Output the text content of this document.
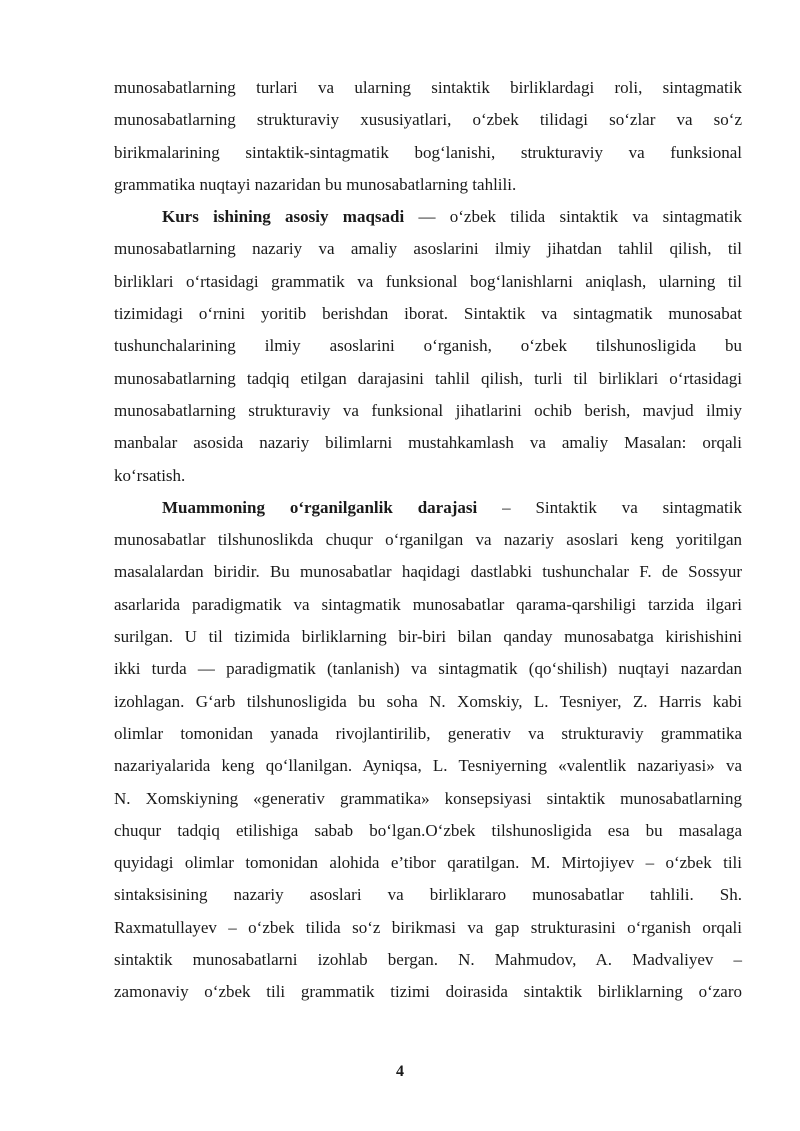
munosabatlarning turlari va ularning sintaktik birliklardagi roli, sintagmatik
munosabatlarning strukturaviy xususiyatlari, o‘zbek tilidagi so‘zlar va so‘z
birikmalarining sintaktik-sintagmatik bog‘lanishi, strukturaviy va funksional
grammatika nuqtayi nazaridan bu munosabatlarning tahlili.
Kurs ishining asosiy maqsadi — o‘zbek tilida sintaktik va sintagmatik
munosabatlarning nazariy va amaliy asoslarini ilmiy jihatdan tahlil qilish, til
birliklari o‘rtasidagi grammatik va funksional bog‘lanishlarni aniqlash, ularning til
tizimidagi o‘rnini yoritib berishdan iborat. Sintaktik va sintagmatik munosabat
tushunchalarining ilmiy asoslarini o‘rganish, o‘zbek tilshunosligida bu
munosabatlarning tadqiq etilgan darajasini tahlil qilish, turli til birliklari o‘rtasidagi
munosabatlarning strukturaviy va funksional jihatlarini ochib berish, mavjud ilmiy
manbalar asosida nazariy bilimlarni mustahkamlash va amaliy Masalan: orqali
ko‘rsatish.
Muammoning o‘rganilganlik darajasi – Sintaktik va sintagmatik
munosabatlar tilshunoslikda chuqur o‘rganilgan va nazariy asoslari keng yoritilgan
masalalardan biridir. Bu munosabatlar haqidagi dastlabki tushunchalar F. de Sossyur
asarlarida paradigmatik va sintagmatik munosabatlar qarama-qarshiligi tarzida ilgari
surilgan. U til tizimida birliklarning bir-biri bilan qanday munosabatga kirishishini
ikki turda — paradigmatik (tanlanish) va sintagmatik (qo‘shilish) nuqtayi nazardan
izohlagan. G‘arb tilshunosligida bu soha N. Xomskiy, L. Tesniyer, Z. Harris kabi
olimlar tomonidan yanada rivojlantirilib, generativ va strukturaviy grammatika
nazariyalarida keng qo‘llanilgan. Ayniqsa, L. Tesniyerning «valentlik nazariyasi» va
N. Xomskiyning «generativ grammatika» konsepsiyasi sintaktik munosabatlarning
chuqur tadqiq etilishiga sabab bo‘lgan.O‘zbek tilshunosligida esa bu masalaga
quyidagi olimlar tomonidan alohida e’tibor qaratilgan. M. Mirtojiyev – o‘zbek tili
sintaksisining nazariy asoslari va birliklararo munosabatlar tahlili. Sh.
Raxmatullayev – o‘zbek tilida so‘z birikmasi va gap strukturasini o‘rganish orqali
sintaktik munosabatlarni izohlab bergan. N. Mahmudov, A. Madvaliyev –
zamonaviy o‘zbek tili grammatik tizimi doirasida sintaktik birliklarning o‘zaro
4
